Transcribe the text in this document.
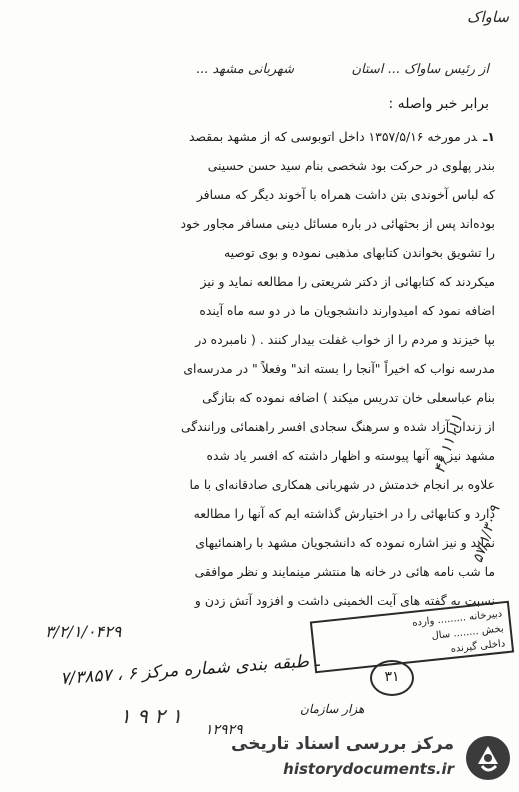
ساواک
از رئیس ساواک ... استان
... شهربانی مشهد
برابر خبر واصله :
۱ـدر مورخه ۱۳۵۷/۵/۱۶ داخل اتوبوسی که از مشهد بمقصد
بندر پهلوی در حرکت بود شخصی بنام سید حسن حسینی
که لباس آخوندی بتن داشت همراه با آخوند دیگر که مسافر
بوده‌اند پس از بحثهائی در باره مسائل دینی مسافر مجاور خود
را تشویق بخواندن کتابهای مذهبی نموده و بوی توصیه
میکردند که کتابهائی از دکتر شریعتی را مطالعه نماید و نیز
اضافه نمود که امیدوارند دانشجویان ما در دو سه ماه آینده
بپا خیزند و مردم را از خواب غفلت بیدار کنند . ( نامبرده در
مدرسه نواب که اخیراً "آنجا را بسته اند" وفعلاً " در مدرسه‌ای
بنام عباسعلی خان تدریس میکند ) اضافه نموده که بتازگی
از زندان آزاد شده و سرهنگ سجادی افسر راهنمائی ورانندگی
مشهد نیز به آنها پیوسته و اظهار داشته که افسر یاد شده
علاوه بر انجام خدمتش در شهربانی همکاری صادقانه‌ای با ما
دارد و کتابهائی را در اختیارش گذاشته ایم که آنها را مطالعه
نماید و نیز اشاره نموده که دانشجویان مشهد با راهنمائیهای
ما شب نامه هائی در خانه ها منتشر مینمایند و نظر موافقی
نسبت به گفته های آیت الخمینی داشت و افزود آتش زدن و
۴۶ ۱۱۱۱۱
۵۷/۱/۳۰ ۹
۳/۲/۱/۰۴۲۹
دبیرخانه ......... وارده
بخش ........ سال
داخلی گیرنده
۳۱
۷/۳۸۵۷ ، ۶ ـ طبقه بندی شماره مرکز
هزار سازمان
۱ ۹ ۲ ۱
۱۲۹۲۹
مرکز بررسی اسناد تاریخی
historydocuments.ir
